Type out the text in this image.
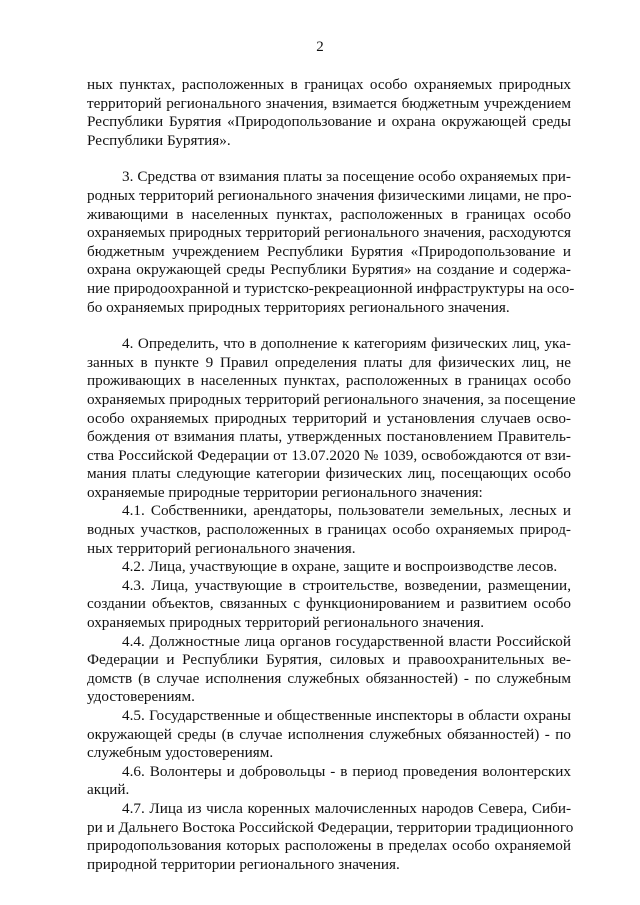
2
ных пунктах, расположенных в границах особо охраняемых природных
территорий регионального значения, взимается бюджетным учреждением
Республики Бурятия «Природопользование и охрана окружающей среды
Республики Бурятия».
3. Средства от взимания платы за посещение особо охраняемых при-
родных территорий регионального значения физическими лицами, не про-
живающими в населенных пунктах, расположенных в границах особо
охраняемых природных территорий регионального значения, расходуются
бюджетным учреждением Республики Бурятия «Природопользование и
охрана окружающей среды Республики Бурятия» на создание и содержа-
ние природоохранной и туристско-рекреационной инфраструктуры на осо-
бо охраняемых природных территориях регионального значения.
4. Определить, что в дополнение к категориям физических лиц, ука-
занных в пункте 9 Правил определения платы для физических лиц, не
проживающих в населенных пунктах, расположенных в границах особо
охраняемых природных территорий регионального значения, за посещение
особо охраняемых природных территорий и установления случаев осво-
бождения от взимания платы, утвержденных постановлением Правитель-
ства Российской Федерации от 13.07.2020 № 1039, освобождаются от взи-
мания платы следующие категории физических лиц, посещающих особо
охраняемые природные территории регионального значения:
4.1. Собственники, арендаторы, пользователи земельных, лесных и
водных участков, расположенных в границах особо охраняемых природ-
ных территорий регионального значения.
4.2. Лица, участвующие в охране, защите и воспроизводстве лесов.
4.3. Лица, участвующие в строительстве, возведении, размещении,
создании объектов, связанных с функционированием и развитием особо
охраняемых природных территорий регионального значения.
4.4. Должностные лица органов государственной власти Российской
Федерации и Республики Бурятия, силовых и правоохранительных ве-
домств (в случае исполнения служебных обязанностей) - по служебным
удостоверениям.
4.5. Государственные и общественные инспекторы в области охраны
окружающей среды (в случае исполнения служебных обязанностей) - по
служебным удостоверениям.
4.6. Волонтеры и добровольцы - в период проведения волонтерских
акций.
4.7. Лица из числа коренных малочисленных народов Севера, Сиби-
ри и Дальнего Востока Российской Федерации, территории традиционного
природопользования которых расположены в пределах особо охраняемой
природной территории регионального значения.
